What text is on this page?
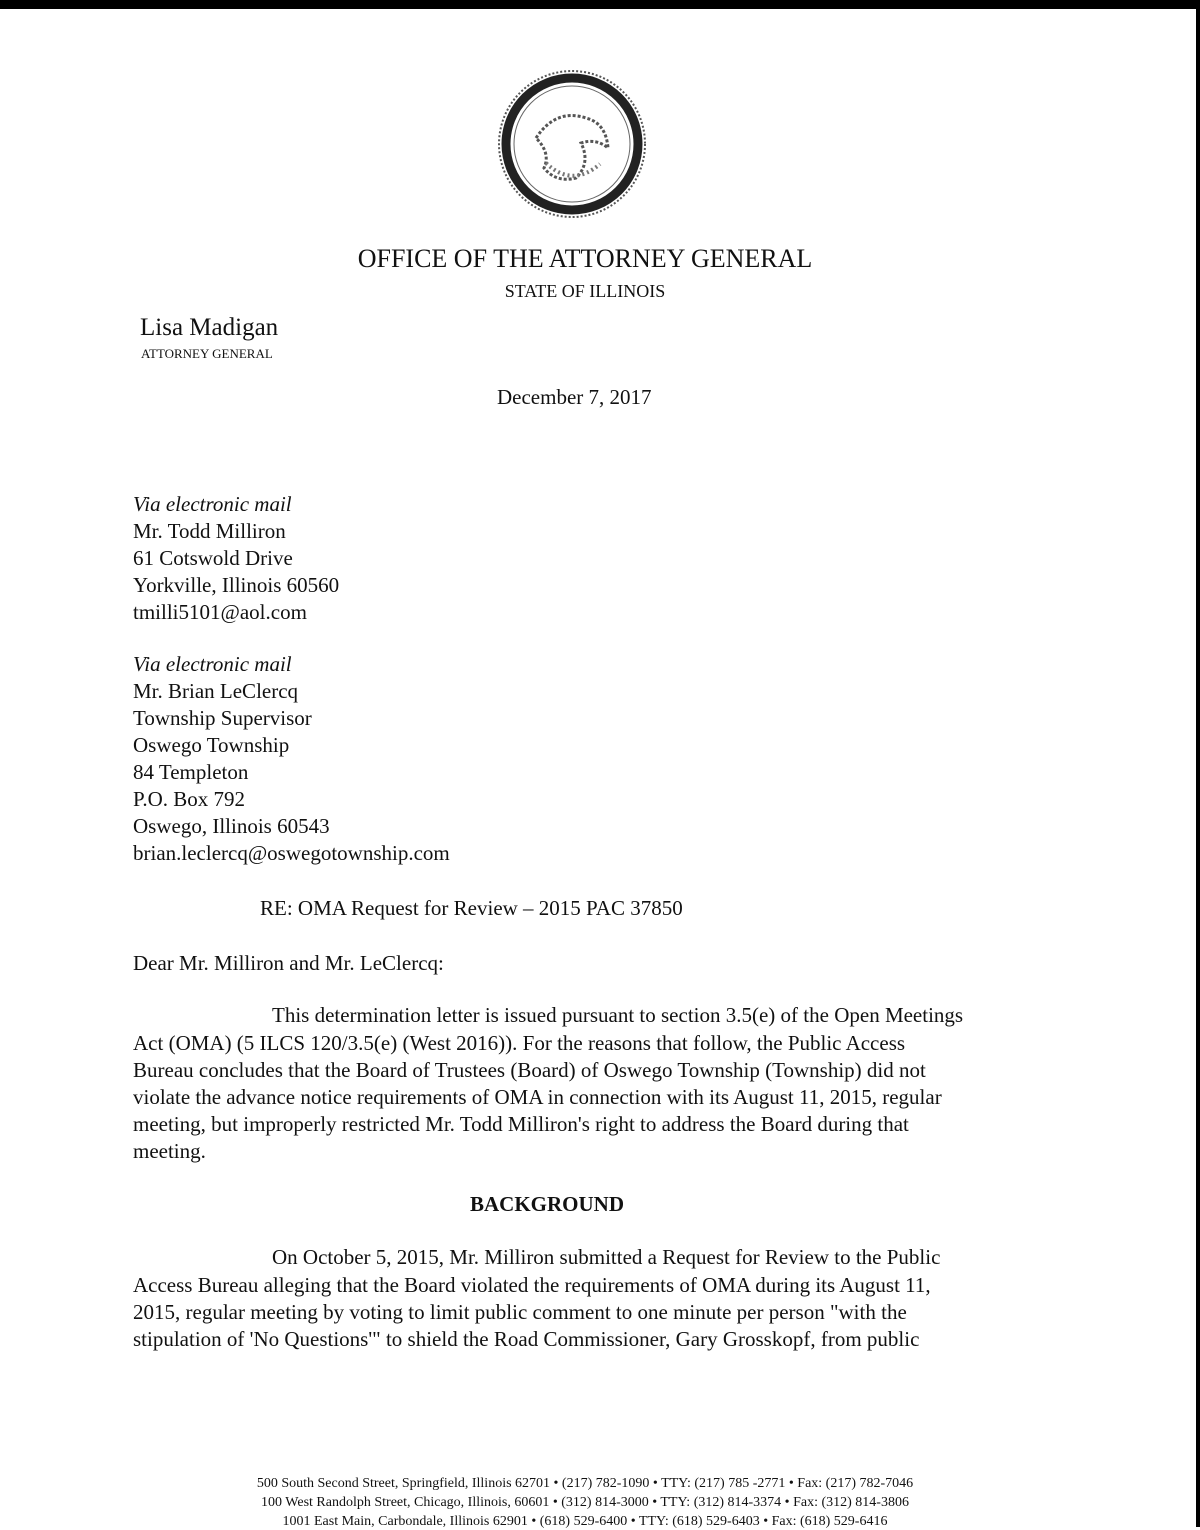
OFFICE OF THE ATTORNEY GENERAL
STATE OF ILLINOIS
Lisa Madigan
ATTORNEY GENERAL
December 7, 2017
Via electronic mail
Mr. Todd Milliron
61 Cotswold Drive
Yorkville, Illinois 60560
tmilli5101@aol.com
Via electronic mail
Mr. Brian LeClercq
Township Supervisor
Oswego Township
84 Templeton
P.O. Box 792
Oswego, Illinois 60543
brian.leclercq@oswegotownship.com
RE: OMA Request for Review – 2015 PAC 37850
Dear Mr. Milliron and Mr. LeClercq:
This determination letter is issued pursuant to section 3.5(e) of the Open Meetings
Act (OMA) (5 ILCS 120/3.5(e) (West 2016)). For the reasons that follow, the Public Access
Bureau concludes that the Board of Trustees (Board) of Oswego Township (Township) did not
violate the advance notice requirements of OMA in connection with its August 11, 2015, regular
meeting, but improperly restricted Mr. Todd Milliron's right to address the Board during that
meeting.
BACKGROUND
On October 5, 2015, Mr. Milliron submitted a Request for Review to the Public
Access Bureau alleging that the Board violated the requirements of OMA during its August 11,
2015, regular meeting by voting to limit public comment to one minute per person "with the
stipulation of 'No Questions'" to shield the Road Commissioner, Gary Grosskopf, from public
500 South Second Street, Springfield, Illinois 62701 • (217) 782-1090 • TTY: (217) 785 -2771 • Fax: (217) 782-7046
100 West Randolph Street, Chicago, Illinois, 60601 • (312) 814-3000 • TTY: (312) 814-3374 • Fax: (312) 814-3806
1001 East Main, Carbondale, Illinois 62901 • (618) 529-6400 • TTY: (618) 529-6403 • Fax: (618) 529-6416
